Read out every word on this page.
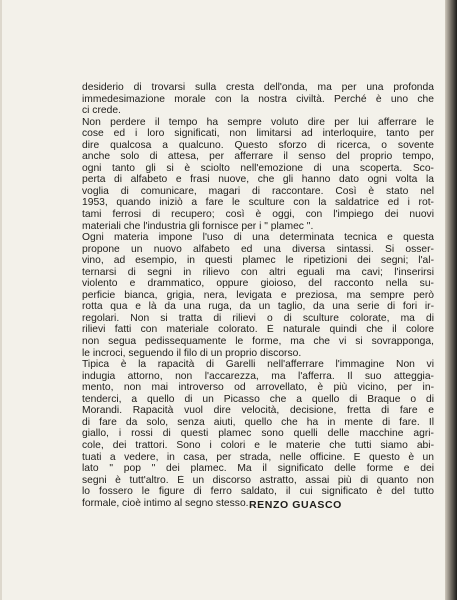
desiderio di trovarsi sulla cresta dell'onda, ma per una profonda
immedesimazione morale con la nostra civiltà. Perché è uno che
ci crede.
Non perdere il tempo ha sempre voluto dire per lui afferrare le
cose ed i loro significati, non limitarsi ad interloquire, tanto per
dire qualcosa a qualcuno. Questo sforzo di ricerca, o sovente
anche solo di attesa, per afferrare il senso del proprio tempo,
ogni tanto gli si è sciolto nell'emozione di una scoperta. Sco-
perta di alfabeto e frasi nuove, che gli hanno dato ogni volta la
voglia di comunicare, magari di raccontare. Così è stato nel
1953, quando iniziò a fare le sculture con la saldatrice ed i rot-
tami ferrosi di recupero; così è oggi, con l'impiego dei nuovi
materiali che l'industria gli fornisce per i " plamec ".
Ogni materia impone l'uso di una determinata tecnica e questa
propone un nuovo alfabeto ed una diversa sintassi. Si osser-
vino, ad esempio, in questi plamec le ripetizioni dei segni; l'al-
ternarsi di segni in rilievo con altri eguali ma cavi; l'inserirsi
violento e drammatico, oppure gioioso, del racconto nella su-
perficie bianca, grigia, nera, levigata e preziosa, ma sempre però
rotta qua e là da una ruga, da un taglio, da una serie di fori ir-
regolari. Non si tratta di rilievi o di sculture colorate, ma di
rilievi fatti con materiale colorato. È naturale quindi che il colore
non segua pedissequamente le forme, ma che vi si sovrapponga,
le incroci, seguendo il filo di un proprio discorso.
Tipica è la rapacità di Garelli nell'afferrare l'immagine Non vi
indugia attorno, non l'accarezza, ma l'afferra. Il suo atteggia-
mento, non mai introverso od arrovellato, è più vicino, per in-
tenderci, a quello di un Picasso che a quello di Braque o di
Morandi. Rapacità vuol dire velocità, decisione, fretta di fare e
di fare da solo, senza aiuti, quello che ha in mente di fare. Il
giallo, i rossi di questi plamec sono quelli delle macchine agri-
cole, dei trattori. Sono i colori e le materie che tutti siamo abi-
tuati a vedere, in casa, per strada, nelle officine. E questo è un
lato " pop " dei plamec. Ma il significato delle forme e dei
segni è tutt'altro. È un discorso astratto, assai più di quanto non
lo fossero le figure di ferro saldato, il cui significato è del tutto
formale, cioè intimo al segno stesso. RENZO GUASCO
